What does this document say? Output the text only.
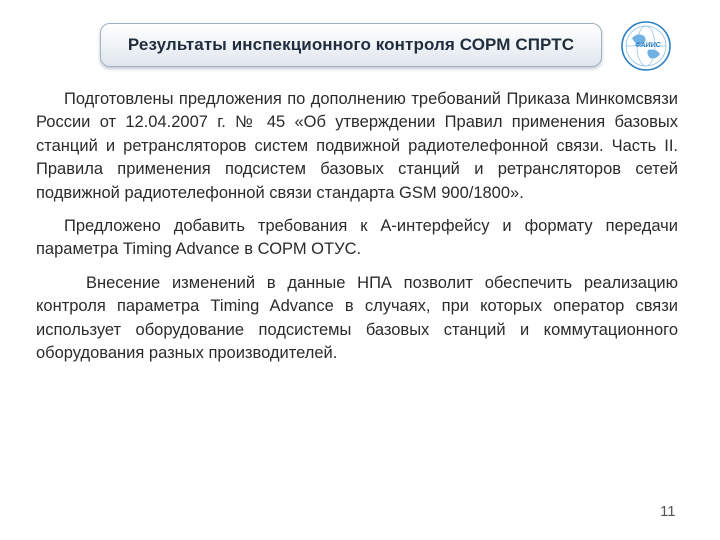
Результаты инспекционного контроля СОРМ СПРТС	ФАИИС

Подготовлены предложения по дополнению требований Приказа Минкомсвязи России от 12.04.2007 г. № 45 «Об утверждении Правил применения базовых станций и ретрансляторов систем подвижной радиотелефонной связи. Часть II. Правила применения подсистем базовых станций и ретрансляторов сетей подвижной радиотелефонной связи стандарта GSM 900/1800».

Предложено добавить требования к А-интерфейсу и формату передачи параметра Timing Advance в СОРМ ОТУС.

Внесение изменений в данные НПА позволит обеспечить реализацию контроля параметра Timing Advance в случаях, при которых оператор связи использует оборудование подсистемы базовых станций и коммутационного оборудования разных производителей.

11
